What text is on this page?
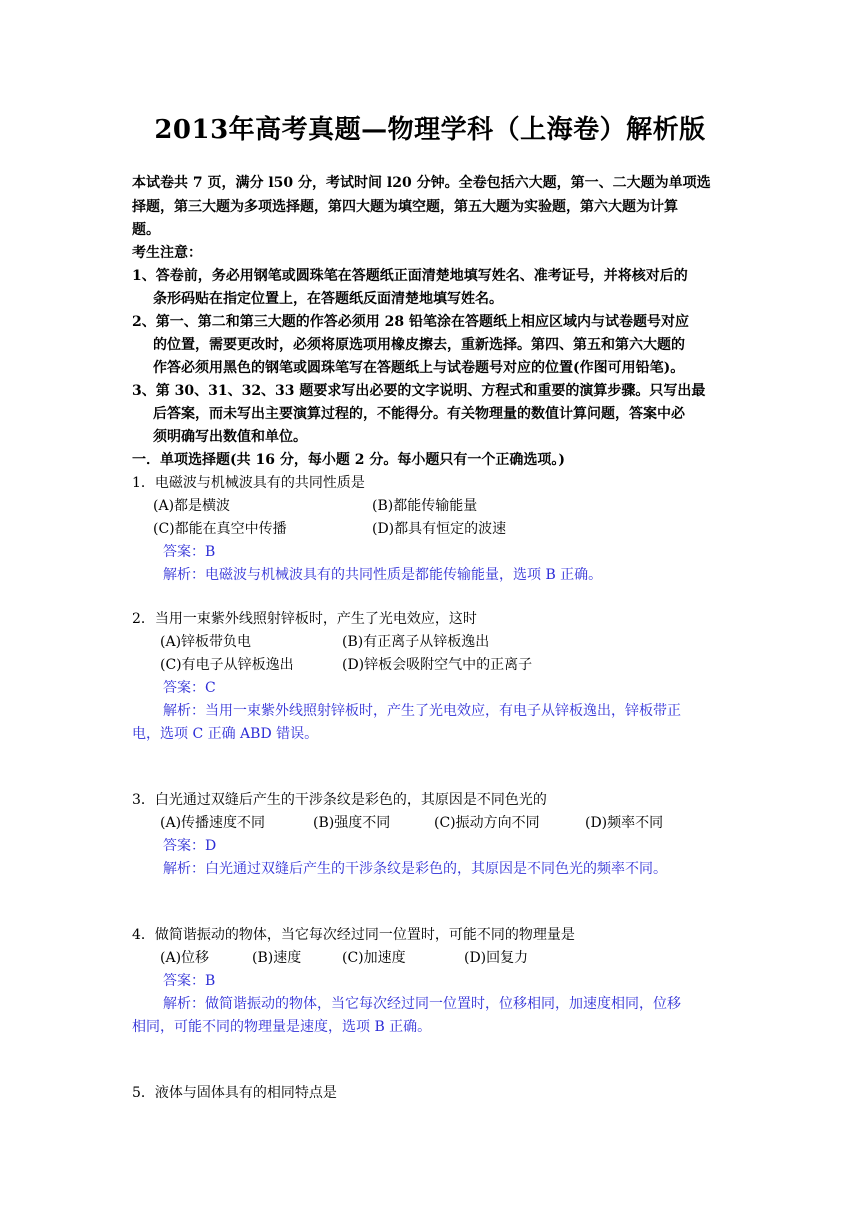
2013年高考真题—物理学科（上海卷）解析版
本试卷共 7 页，满分 l50 分，考试时间 l20 分钟。全卷包括六大题，第一、二大题为单项选
择题，第三大题为多项选择题，第四大题为填空题，第五大题为实验题，第六大题为计算
题。
考生注意：
1、答卷前，务必用钢笔或圆珠笔在答题纸正面清楚地填写姓名、准考证号，并将核对后的
条形码贴在指定位置上，在答题纸反面清楚地填写姓名。
2、第一、第二和第三大题的作答必须用 28 铅笔涂在答题纸上相应区域内与试卷题号对应
的位置，需要更改时，必须将原选项用橡皮擦去，重新选择。第四、第五和第六大题的
作答必须用黑色的钢笔或圆珠笔写在答题纸上与试卷题号对应的位置(作图可用铅笔)。
3、第 30、31、32、33 题要求写出必要的文字说明、方程式和重要的演算步骤。只写出最
后答案，而未写出主要演算过程的，不能得分。有关物理量的数值计算问题，答案中必
须明确写出数值和单位。
一．单项选择题(共 16 分，每小题 2 分。每小题只有一个正确选项。)
1．电磁波与机械波具有的共同性质是
(A)都是横波	(B)都能传输能量
(C)都能在真空中传播	(D)都具有恒定的波速
答案：B
解析：电磁波与机械波具有的共同性质是都能传输能量，选项 B 正确。
2．当用一束紫外线照射锌板时，产生了光电效应，这时
(A)锌板带负电	(B)有正离子从锌板逸出
(C)有电子从锌板逸出	(D)锌板会吸附空气中的正离子
答案：C
解析：当用一束紫外线照射锌板时，产生了光电效应，有电子从锌板逸出，锌板带正
电，选项 C 正确 ABD 错误。
3．白光通过双缝后产生的干涉条纹是彩色的，其原因是不同色光的
(A)传播速度不同	(B)强度不同	(C)振动方向不同	(D)频率不同
答案：D
解析：白光通过双缝后产生的干涉条纹是彩色的，其原因是不同色光的频率不同。
4．做简谐振动的物体，当它每次经过同一位置时，可能不同的物理量是
(A)位移	(B)速度	(C)加速度	(D)回复力
答案：B
解析：做简谐振动的物体，当它每次经过同一位置时，位移相同，加速度相同，位移
相同，可能不同的物理量是速度，选项 B 正确。
5．液体与固体具有的相同特点是
